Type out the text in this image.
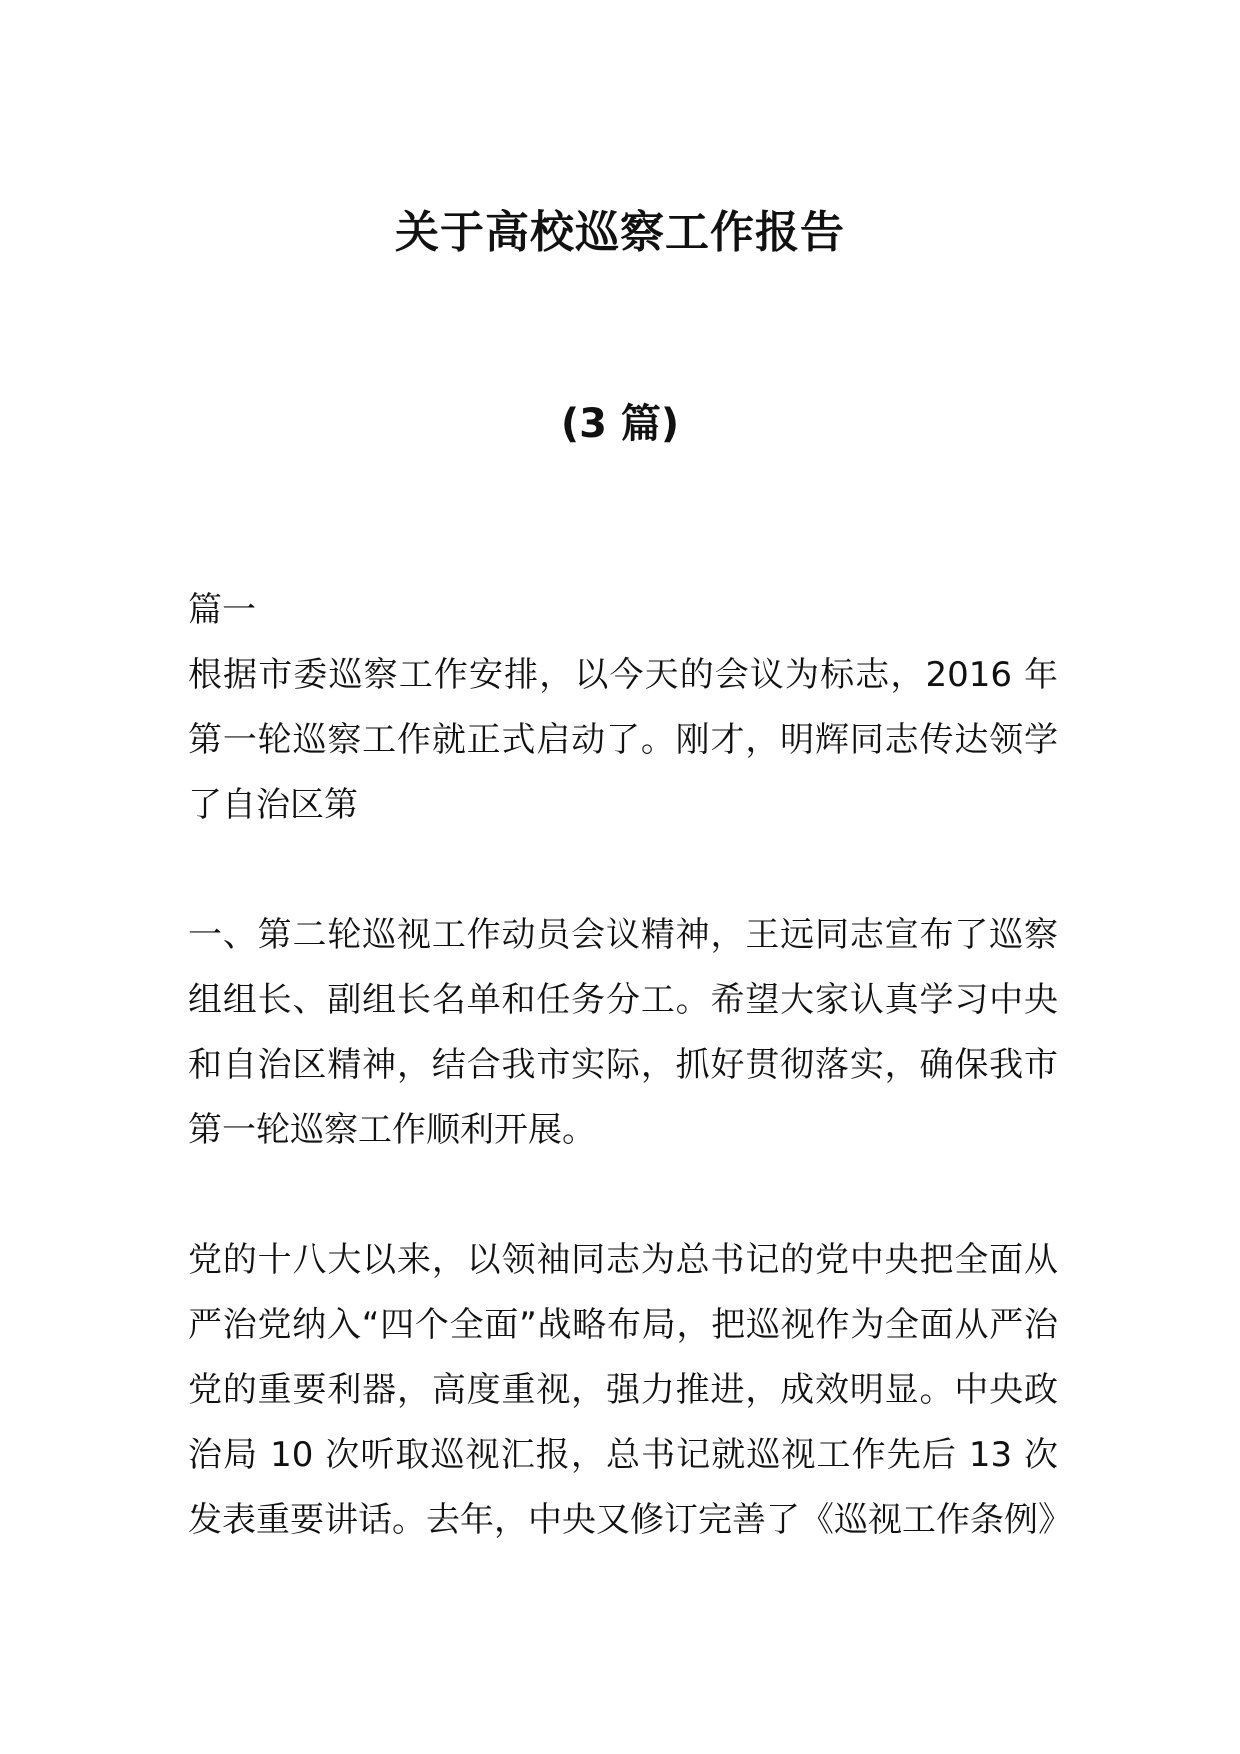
关于高校巡察工作报告
(3 篇)
篇一

根据市委巡察工作安排，以今天的会议为标志，2016 年第一轮巡察工作就正式启动了。刚才，明辉同志传达领学了自治区第

一、第二轮巡视工作动员会议精神，王远同志宣布了巡察组组长、副组长名单和任务分工。希望大家认真学习中央和自治区精神，结合我市实际，抓好贯彻落实，确保我市第一轮巡察工作顺利开展。

党的十八大以来，以领袖同志为总书记的党中央把全面从严治党纳入“四个全面”战略布局，把巡视作为全面从严治党的重要利器，高度重视，强力推进，成效明显。中央政治局 10 次听取巡视汇报，总书记就巡视工作先后 13 次发表重要讲话。去年，中央又修订完善了《巡视工作条例》
